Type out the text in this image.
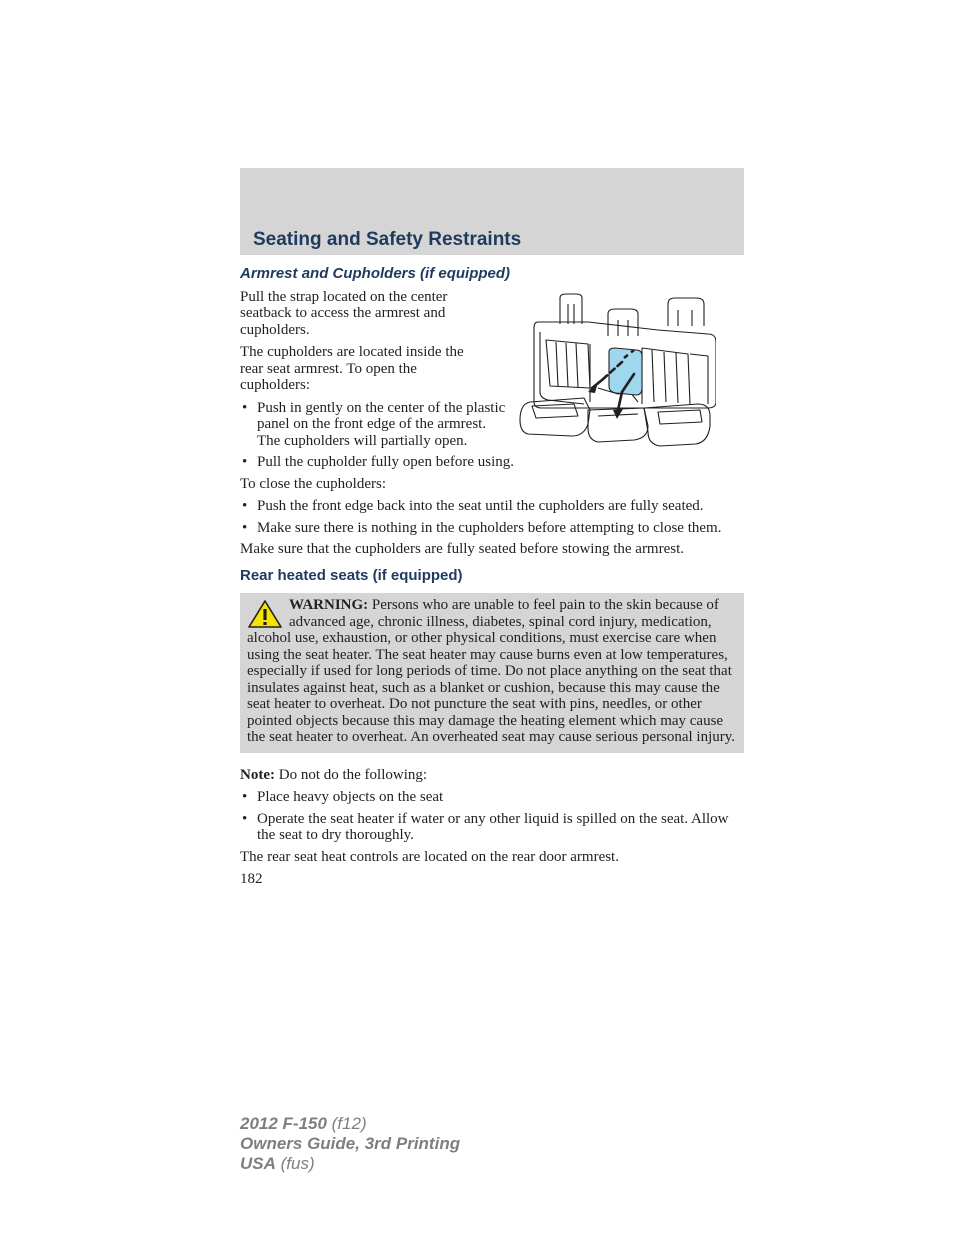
Seating and Safety Restraints
Armrest and Cupholders (if equipped)

Pull the strap located on the center seatback to access the armrest and cupholders.

The cupholders are located inside the rear seat armrest. To open the cupholders:

• Push in gently on the center of the plastic panel on the front edge of the armrest. The cupholders will partially open.
• Pull the cupholder fully open before using.

To close the cupholders:

• Push the front edge back into the seat until the cupholders are fully seated.
• Make sure there is nothing in the cupholders before attempting to close them.

Make sure that the cupholders are fully seated before stowing the armrest.

Rear heated seats (if equipped)
WARNING: Persons who are unable to feel pain to the skin because of advanced age, chronic illness, diabetes, spinal cord injury, medication, alcohol use, exhaustion, or other physical conditions, must exercise care when using the seat heater. The seat heater may cause burns even at low temperatures, especially if used for long periods of time. Do not place anything on the seat that insulates against heat, such as a blanket or cushion, because this may cause the seat heater to overheat. Do not puncture the seat with pins, needles, or other pointed objects because this may damage the heating element which may cause the seat heater to overheat. An overheated seat may cause serious personal injury.

Note: Do not do the following:

• Place heavy objects on the seat
• Operate the seat heater if water or any other liquid is spilled on the seat. Allow the seat to dry thoroughly.

The rear seat heat controls are located on the rear door armrest.

182
2012 F-150 (f12)
Owners Guide, 3rd Printing
USA (fus)
